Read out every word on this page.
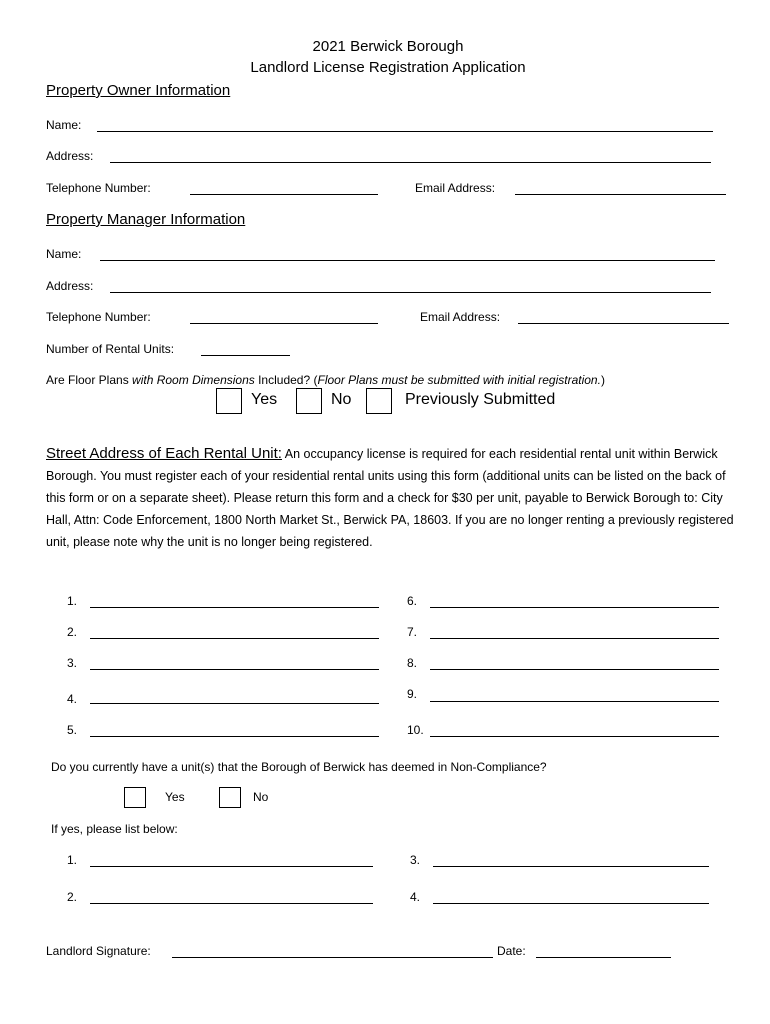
2021 Berwick Borough
Landlord License Registration Application
Property Owner Information
Name:
Address:
Telephone Number:	Email Address:
Property Manager Information
Name:
Address:
Telephone Number:	Email Address:
Number of Rental Units:
Are Floor Plans with Room Dimensions Included? (Floor Plans must be submitted with initial registration.)
Yes	No	Previously Submitted
Street Address of Each Rental Unit: An occupancy license is required for each residential rental unit within Berwick Borough. You must register each of your residential rental units using this form (additional units can be listed on the back of this form or on a separate sheet). Please return this form and a check for $30 per unit, payable to Berwick Borough to: City Hall, Attn: Code Enforcement, 1800 North Market St., Berwick PA, 18603. If you are no longer renting a previously registered unit, please note why the unit is no longer being registered.
1.
2.
3.
4.
5.
6.
7.
8.
9.
10.
Do you currently have a unit(s) that the Borough of Berwick has deemed in Non-Compliance?
Yes	No
If yes, please list below:
1.
2.
3.
4.
Landlord Signature:	Date:
